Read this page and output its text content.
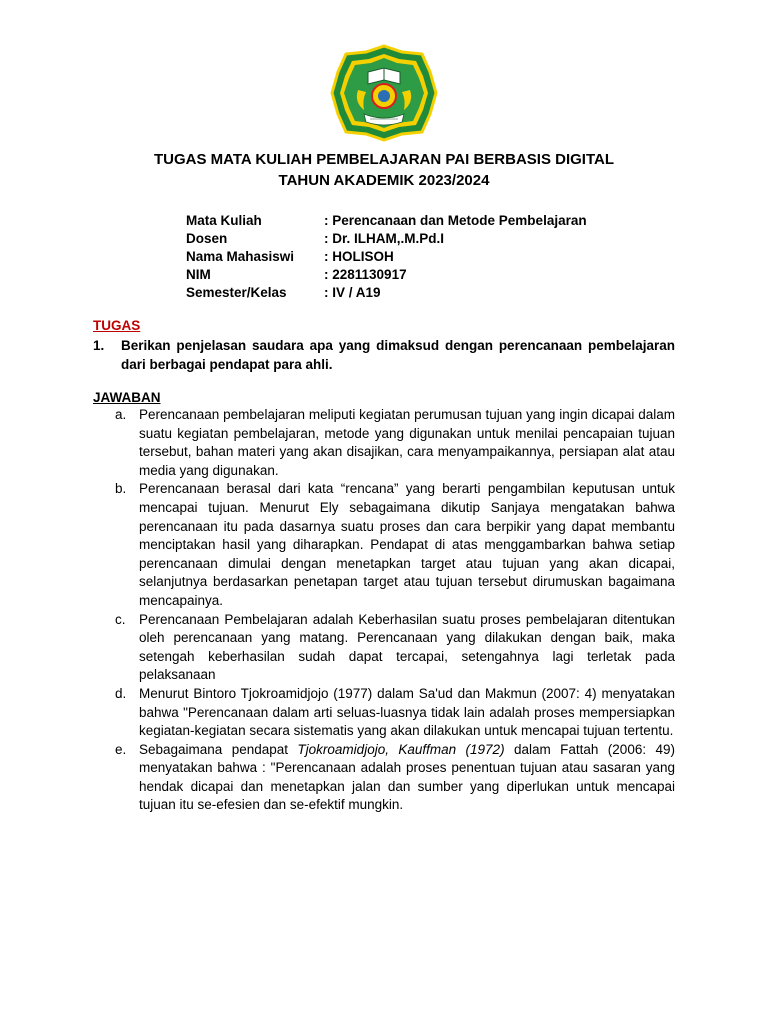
TUGAS MATA KULIAH PEMBELAJARAN PAI BERBASIS DIGITAL
TAHUN AKADEMIK 2023/2024
Mata Kuliah	: Perencanaan dan Metode Pembelajaran
Dosen	: Dr. ILHAM,.M.Pd.I
Nama Mahasiswi : HOLISOH
NIM	: 2281130917
Semester/Kelas	: IV / A19
TUGAS
1. Berikan penjelasan saudara apa yang dimaksud dengan perencanaan pembelajaran dari berbagai pendapat para ahli.
JAWABAN
a. Perencanaan pembelajaran meliputi kegiatan perumusan tujuan yang ingin dicapai dalam suatu kegiatan pembelajaran, metode yang digunakan untuk menilai pencapaian tujuan tersebut, bahan materi yang akan disajikan, cara menyampaikannya, persiapan alat atau media yang digunakan.
b. Perencanaan berasal dari kata “rencana” yang berarti pengambilan keputusan untuk mencapai tujuan. Menurut Ely sebagaimana dikutip Sanjaya mengatakan bahwa perencanaan itu pada dasarnya suatu proses dan cara berpikir yang dapat membantu menciptakan hasil yang diharapkan. Pendapat di atas menggambarkan bahwa setiap perencanaan dimulai dengan menetapkan target atau tujuan yang akan dicapai, selanjutnya berdasarkan penetapan target atau tujuan tersebut dirumuskan bagaimana mencapainya.
c. Perencanaan Pembelajaran adalah Keberhasilan suatu proses pembelajaran ditentukan oleh perencanaan yang matang. Perencanaan yang dilakukan dengan baik, maka setengah keberhasilan sudah dapat tercapai, setengahnya lagi terletak pada pelaksanaan
d. Menurut Bintoro Tjokroamidjojo (1977) dalam Sa'ud dan Makmun (2007: 4) menyatakan bahwa "Perencanaan dalam arti seluas-luasnya tidak lain adalah proses mempersiapkan kegiatan-kegiatan secara sistematis yang akan dilakukan untuk mencapai tujuan tertentu.
e. Sebagaimana pendapat Tjokroamidjojo, Kauffman (1972) dalam Fattah (2006: 49) menyatakan bahwa : "Perencanaan adalah proses penentuan tujuan atau sasaran yang hendak dicapai dan menetapkan jalan dan sumber yang diperlukan untuk mencapai tujuan itu se-efesien dan se-efektif mungkin.
